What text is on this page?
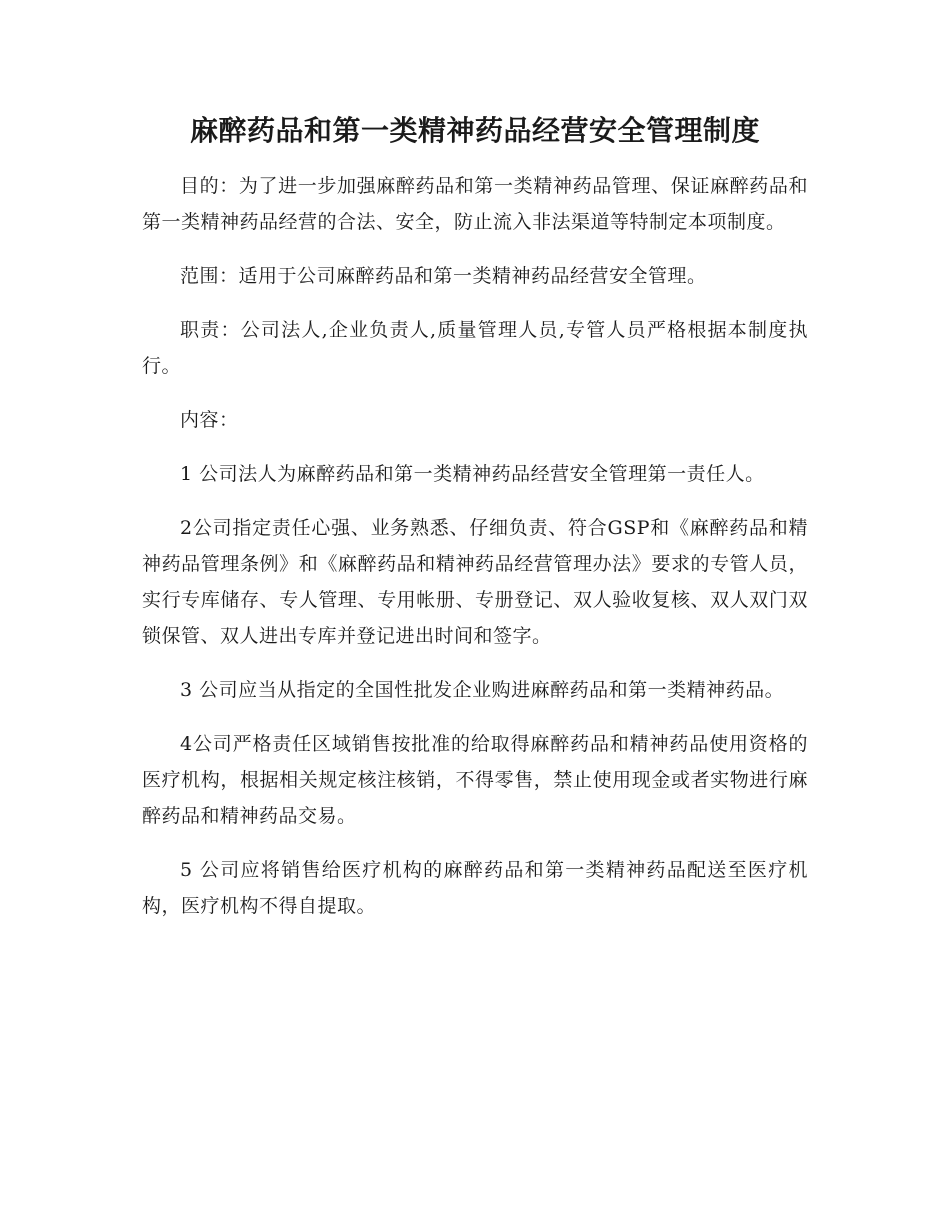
麻醉药品和第一类精神药品经营安全管理制度

目的：为了进一步加强麻醉药品和第一类精神药品管理、保证麻醉药品和第一类精神药品经营的合法、安全，防止流入非法渠道等特制定本项制度。

范围：适用于公司麻醉药品和第一类精神药品经营安全管理。

职责：公司法人,企业负责人,质量管理人员,专管人员严格根据本制度执行。

内容：

1 公司法人为麻醉药品和第一类精神药品经营安全管理第一责任人。

2公司指定责任心强、业务熟悉、仔细负责、符合GSP和《麻醉药品和精神药品管理条例》和《麻醉药品和精神药品经营管理办法》要求的专管人员，实行专库储存、专人管理、专用帐册、专册登记、双人验收复核、双人双门双锁保管、双人进出专库并登记进出时间和签字。

3 公司应当从指定的全国性批发企业购进麻醉药品和第一类精神药品。

4公司严格责任区域销售按批准的给取得麻醉药品和精神药品使用资格的医疗机构，根据相关规定核注核销，不得零售，禁止使用现金或者实物进行麻醉药品和精神药品交易。

5 公司应将销售给医疗机构的麻醉药品和第一类精神药品配送至医疗机构，医疗机构不得自提取。
